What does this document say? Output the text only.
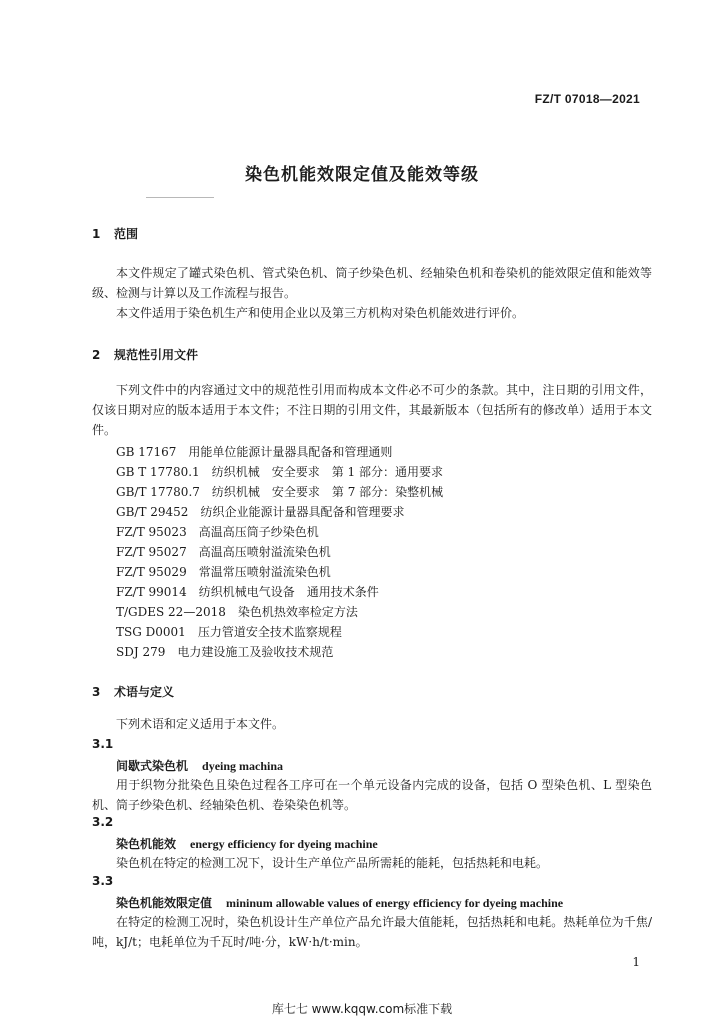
FZ/T 07018—2021
染色机能效限定值及能效等级
1 范围
本文件规定了罐式染色机、管式染色机、筒子纱染色机、经轴染色机和卷染机的能效限定值和能效等级、检测与计算以及工作流程与报告。
本文件适用于染色机生产和使用企业以及第三方机构对染色机能效进行评价。
2 规范性引用文件
下列文件中的内容通过文中的规范性引用而构成本文件必不可少的条款。其中，注日期的引用文件，仅该日期对应的版本适用于本文件；不注日期的引用文件，其最新版本（包括所有的修改单）适用于本文件。
GB 17167　 用能单位能源计量器具配备和管理通则
GB T 17780.1　 纺织机械　安全要求　第 1 部分：通用要求
GB/T 17780.7　 纺织机械　安全要求　第 7 部分：染整机械
GB/T 29452　 纺织企业能源计量器具配备和管理要求
FZ/T 95023　 高温高压筒子纱染色机
FZ/T 95027　 高温高压喷射溢流染色机
FZ/T 95029　 常温常压喷射溢流染色机
FZ/T 99014　 纺织机械电气设备　通用技术条件
T/GDES 22—2018　 染色机热效率检定方法
TSG D0001　 压力管道安全技术监察规程
SDJ 279　 电力建设施工及验收技术规范
3 术语与定义
下列术语和定义适用于本文件。
3.1
间歇式染色机 dyeing machina
用于织物分批染色且染色过程各工序可在一个单元设备内完成的设备，包括 O 型染色机、L 型染色机、筒子纱染色机、经轴染色机、卷染染色机等。
3.2
染色机能效 energy efficiency for dyeing machine
染色机在特定的检测工况下，设计生产单位产品所需耗的能耗，包括热耗和电耗。
3.3
染色机能效限定值 mininum allowable values of energy efficiency for dyeing machine
在特定的检测工况时，染色机设计生产单位产品允许最大值能耗，包括热耗和电耗。热耗单位为千焦/吨，kJ/t；电耗单位为千瓦时/吨·分，kW·h/t·min。
1
库七七 www.kqqw.com标准下载
